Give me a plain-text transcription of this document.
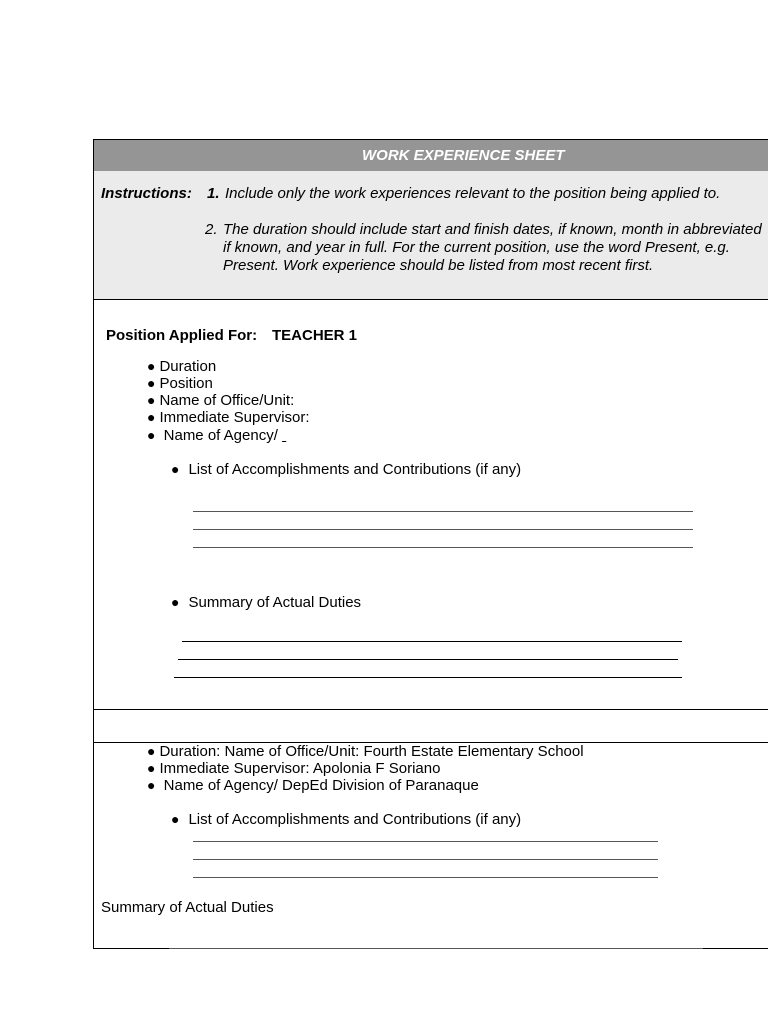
WORK EXPERIENCE SHEET
Instructions: 1. Include only the work experiences relevant to the position being applied to.
2. The duration should include start and finish dates, if known, month in abbreviated
if known, and year in full. For the current position, use the word Present, e.g.
Present. Work experience should be listed from most recent first.
Position Applied For: TEACHER 1
● Duration
● Position
● Name of Office/Unit:
● Immediate Supervisor:
● Name of Agency/
● List of Accomplishments and Contributions (if any)
● Summary of Actual Duties
● Duration: Name of Office/Unit: Fourth Estate Elementary School
● Immediate Supervisor: Apolonia F Soriano
● Name of Agency/ DepEd Division of Paranaque
● List of Accomplishments and Contributions (if any)
Summary of Actual Duties
